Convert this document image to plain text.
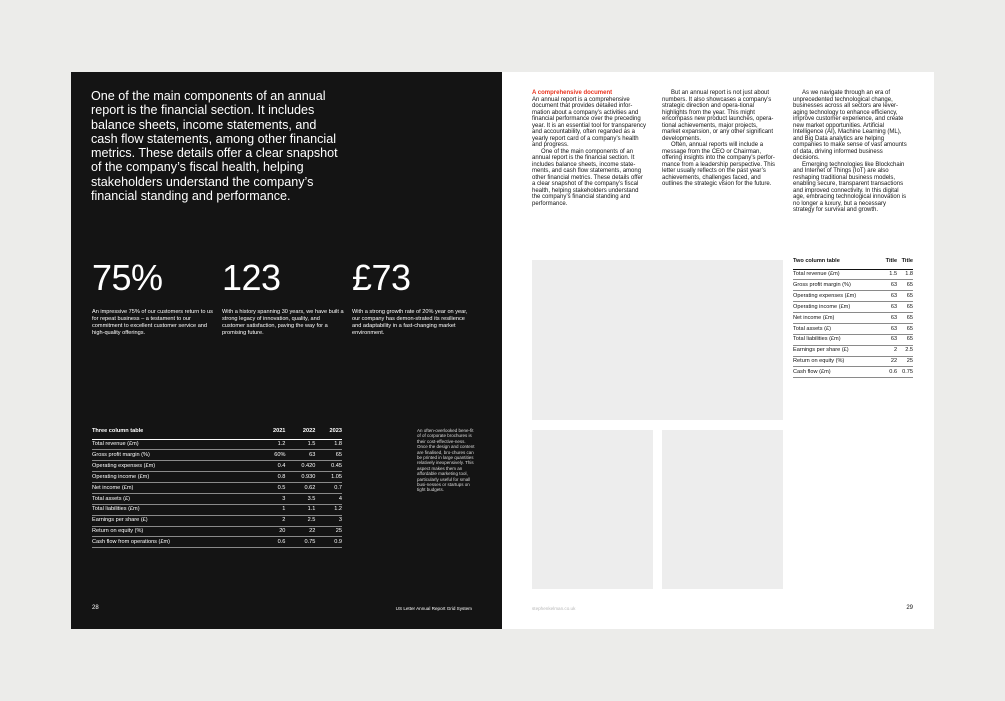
One of the main components of an annual report is the financial section. It includes balance sheets, income statements, and cash flow statements, among other financial metrics. These details offer a clear snapshot of the company’s fiscal health, helping stakeholders understand the company’s financial standing and performance.

75%
An impressive 75% of our customers return to us for repeat business – a testament to our commitment to excellent customer service and high-quality offerings.
123
With a history spanning 30 years, we have built a strong legacy of innovation, quality, and customer satisfaction, paving the way for a promising future.
£73
With a strong growth rate of 20% year on year, our company has demon-strated its resilience and adaptability in a fast-changing market environment.
Three column table	2021	2022	2023
Total revenue (£m)	1.2	1.5	1.8
Gross profit margin (%)	60%	63	65
Operating expenses (£m)	0.4	0.420	0.45
Operating income (£m)	0.8	0.930	1.05
Net income (£m)	0.5	0.62	0.7
Total assets (£)	3	3.5	4
Total liabilities (£m)	1	1.1	1.2
Earnings per share (£)	2	2.5	3
Return on equity (%)	20	22	25
Cash flow from operations (£m)	0.6	0.75	0.9
An often-overlooked bene-fit of of corporate brochures is their cost-effective-ness. Once the design and content are finalised, bro-chures can be printed in large quantities relatively inexpensively. This aspect makes them an affordable marketing tool, particularly useful for small busi-nesses or startups on tight budgets.
28	US Letter Annual Report Grid System

A comprehensive document

An annual report is a comprehensive document that provides detailed infor-mation about a company’s activities and financial performance over the preceding year. It is an essential tool for transparency and accountability, often regarded as a yearly report card of a company’s health and progress.

One of the main components of an annual report is the financial section. It includes balance sheets, income state-ments, and cash flow statements, among other financial metrics. These details offer a clear snapshot of the company’s fiscal health, helping stakeholders understand the company’s financial standing and performance.

But an annual report is not just about numbers. It also showcases a company’s strategic direction and opera-tional highlights from the year. This might encompass new product launches, opera-tional achievements, major projects, market expansion, or any other significant developments.

Often, annual reports will include a message from the CEO or Chairman, offering insights into the company’s perfor-mance from a leadership perspective. This letter usually reflects on the past year’s achievements, challenges faced, and outlines the strategic vision for the future.

As we navigate through an era of unprecedented technological change, businesses across all sectors are lever-aging technology to enhance efficiency, improve customer experience, and create new market opportunities. Artificial Intelligence (AI), Machine Learning (ML), and Big Data analytics are helping companies to make sense of vast amounts of data, driving informed business decisions.

Emerging technologies like Blockchain and Internet of Things (IoT) are also reshaping traditional business models, enabling secure, transparent transactions and improved connectivity. In this digital age, embracing technological innovation is no longer a luxury, but a necessary strategy for survival and growth.

Two column table	Title	Title
Total revenue (£m)	1.5	1.8
Gross profit margin (%)	63	65
Operating expenses (£m)	63	65
Operating income (£m)	63	65
Net income (£m)	63	65
Total assets (£)	63	65
Total liabilities (£m)	63	65
Earnings per share (£)	2	2.5
Return on equity (%)	22	25
Cash flow (£m)	0.6	0.75
stephenkelman.co.uk	29
